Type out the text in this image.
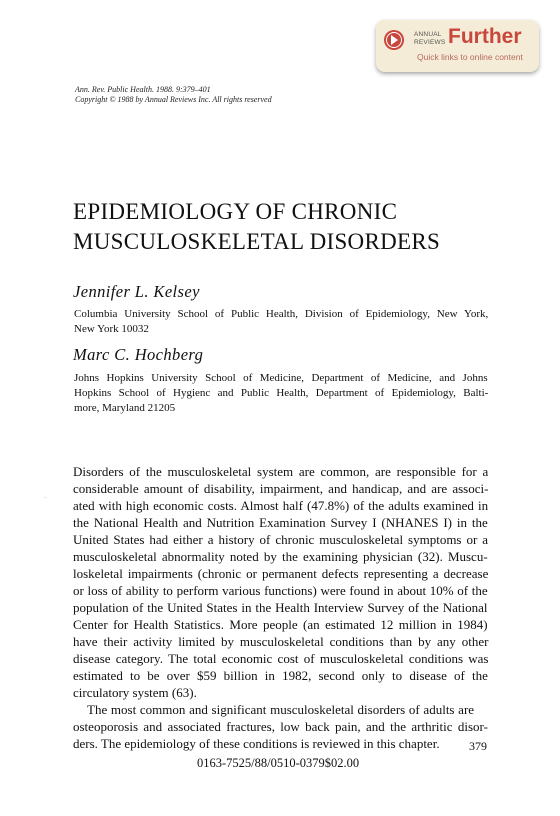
ANNUAL
REVIEWS Further
Quick links to online content
Ann. Rev. Public Health. 1988. 9:379–401
Copyright © 1988 by Annual Reviews Inc. All rights reserved
EPIDEMIOLOGY OF CHRONIC
MUSCULOSKELETAL DISORDERS
Jennifer L. Kelsey
Columbia University School of Public Health, Division of Epidemiology, New York,
New York 10032
Marc C. Hochberg
Johns Hopkins University School of Medicine, Department of Medicine, and Johns
Hopkins School of Hygienc and Public Health, Department of Epidemiology, Balti-
more, Maryland 21205
·
Disorders of the musculoskeletal system are common, are responsible for a
considerable amount of disability, impairment, and handicap, and are associ-
ated with high economic costs. Almost half (47.8%) of the adults examined in
the National Health and Nutrition Examination Survey I (NHANES I) in the
United States had either a history of chronic musculoskeletal symptoms or a
musculoskeletal abnormality noted by the examining physician (32). Muscu-
loskeletal impairments (chronic or permanent defects representing a decrease
or loss of ability to perform various functions) were found in about 10% of the
population of the United States in the Health Interview Survey of the National
Center for Health Statistics. More people (an estimated 12 million in 1984)
have their activity limited by musculoskeletal conditions than by any other
disease category. The total economic cost of musculoskeletal conditions was
estimated to be over $59 billion in 1982, second only to disease of the
circulatory system (63).
The most common and significant musculoskeletal disorders of adults are
osteoporosis and associated fractures, low back pain, and the arthritic disor-
ders. The epidemiology of these conditions is reviewed in this chapter.	379
0163-7525/88/0510-0379$02.00
